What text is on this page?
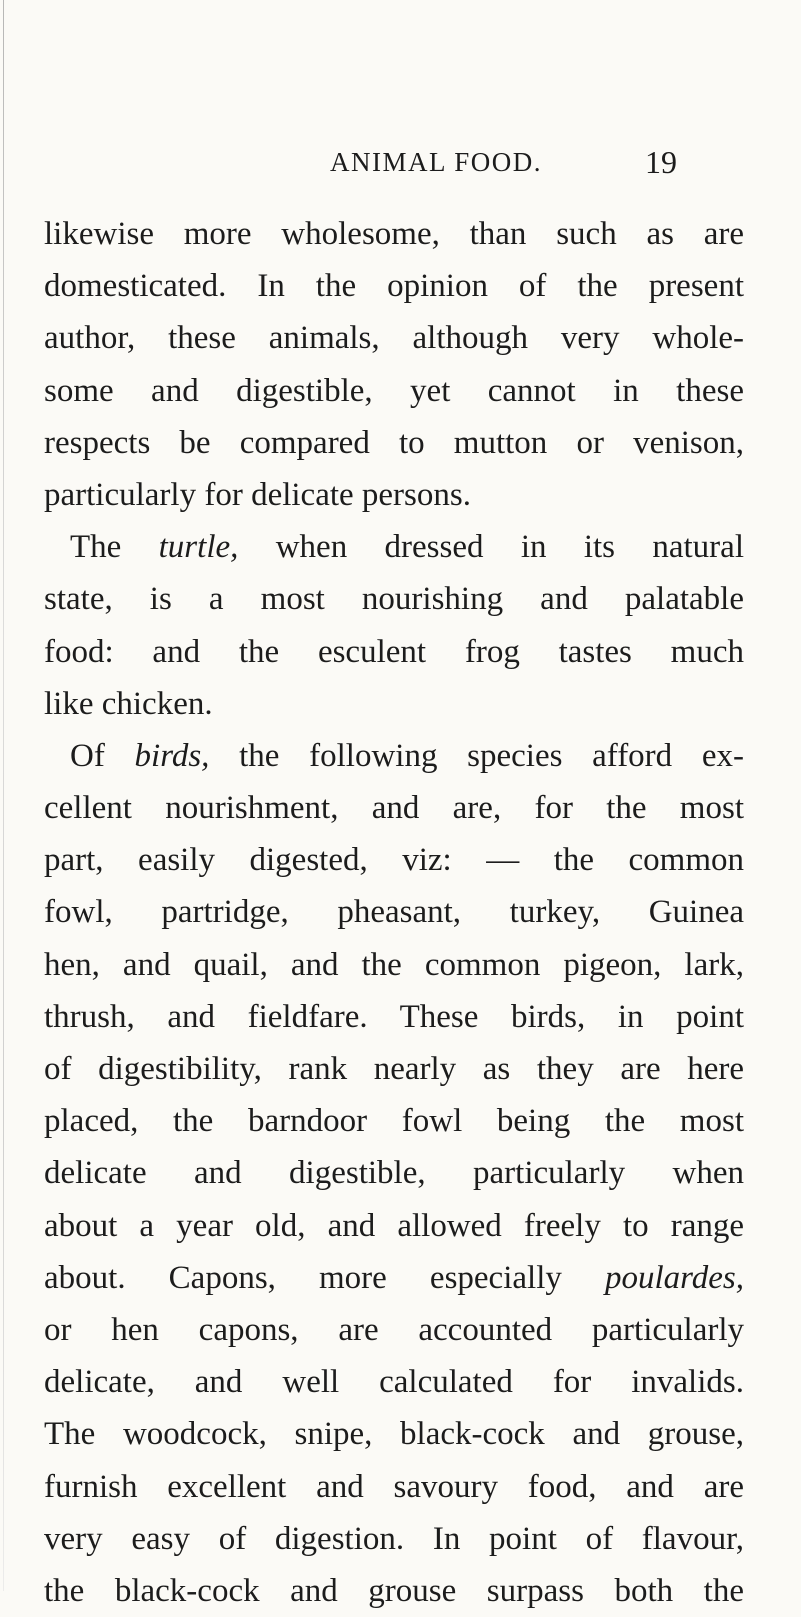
ANIMAL FOOD.	19
likewise more wholesome, than such as are
domesticated. In the opinion of the present
author, these animals, although very whole-
some and digestible, yet cannot in these
respects be compared to mutton or venison,
particularly for delicate persons.
The turtle, when dressed in its natural
state, is a most nourishing and palatable
food: and the esculent frog tastes much
like chicken.
Of birds, the following species afford ex-
cellent nourishment, and are, for the most
part, easily digested, viz: — the common
fowl, partridge, pheasant, turkey, Guinea
hen, and quail, and the common pigeon, lark,
thrush, and fieldfare. These birds, in point
of digestibility, rank nearly as they are here
placed, the barndoor fowl being the most
delicate and digestible, particularly when
about a year old, and allowed freely to range
about. Capons, more especially poulardes,
or hen capons, are accounted particularly
delicate, and well calculated for invalids.
The woodcock, snipe, black-cock and grouse,
furnish excellent and savoury food, and are
very easy of digestion. In point of flavour,
the black-cock and grouse surpass both the
